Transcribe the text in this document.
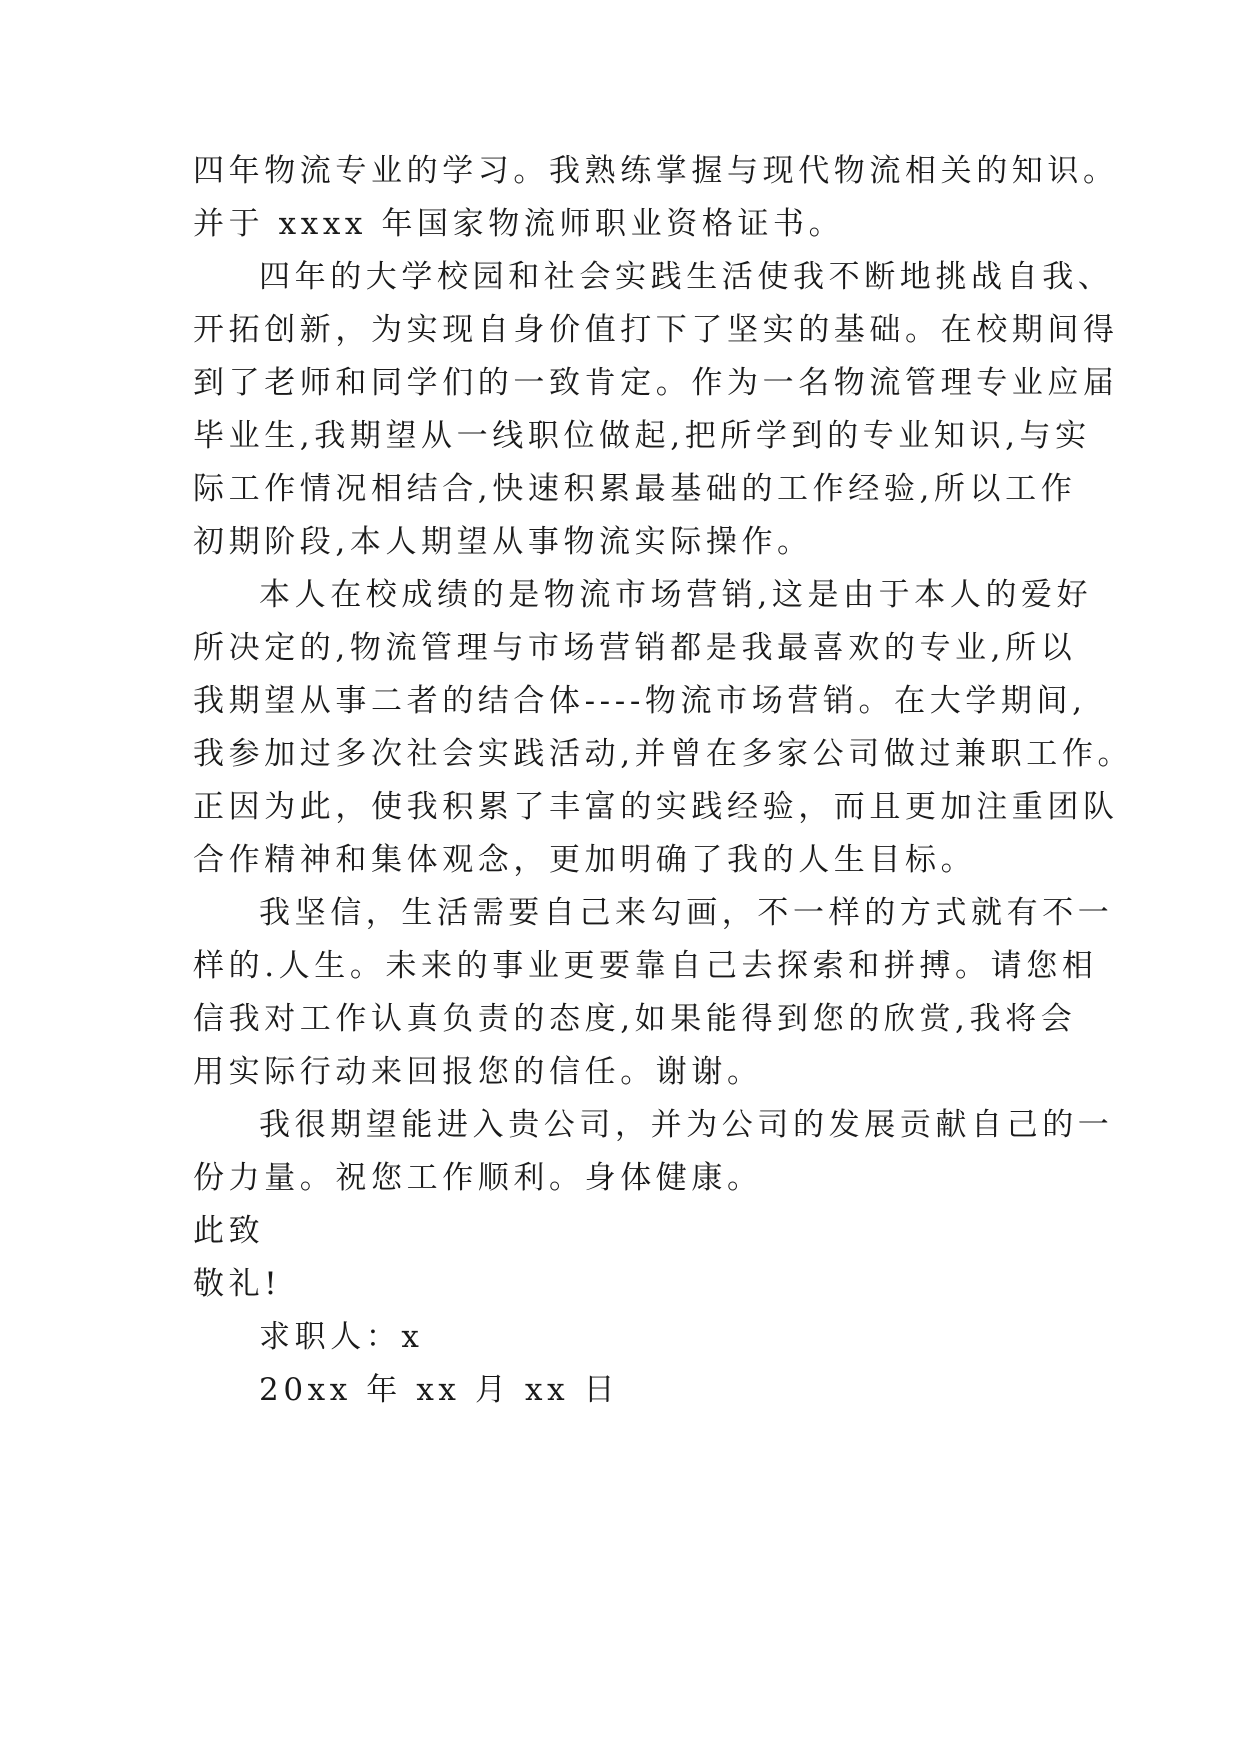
四年物流专业的学习。我熟练掌握与现代物流相关的知识。
并于 xxxx 年国家物流师职业资格证书。
四年的大学校园和社会实践生活使我不断地挑战自我、
开拓创新，为实现自身价值打下了坚实的基础。在校期间得
到了老师和同学们的一致肯定。作为一名物流管理专业应届
毕业生,我期望从一线职位做起,把所学到的专业知识,与实
际工作情况相结合,快速积累最基础的工作经验,所以工作
初期阶段,本人期望从事物流实际操作。
本人在校成绩的是物流市场营销,这是由于本人的爱好
所决定的,物流管理与市场营销都是我最喜欢的专业,所以
我期望从事二者的结合体----物流市场营销。在大学期间,
我参加过多次社会实践活动,并曾在多家公司做过兼职工作。
正因为此，使我积累了丰富的实践经验，而且更加注重团队
合作精神和集体观念，更加明确了我的人生目标。
我坚信，生活需要自己来勾画，不一样的方式就有不一
样的.人生。未来的事业更要靠自己去探索和拼搏。请您相
信我对工作认真负责的态度,如果能得到您的欣赏,我将会
用实际行动来回报您的信任。谢谢。
我很期望能进入贵公司，并为公司的发展贡献自己的一
份力量。祝您工作顺利。身体健康。
此致
敬礼!
求职人：x
20xx 年 xx 月 xx 日
